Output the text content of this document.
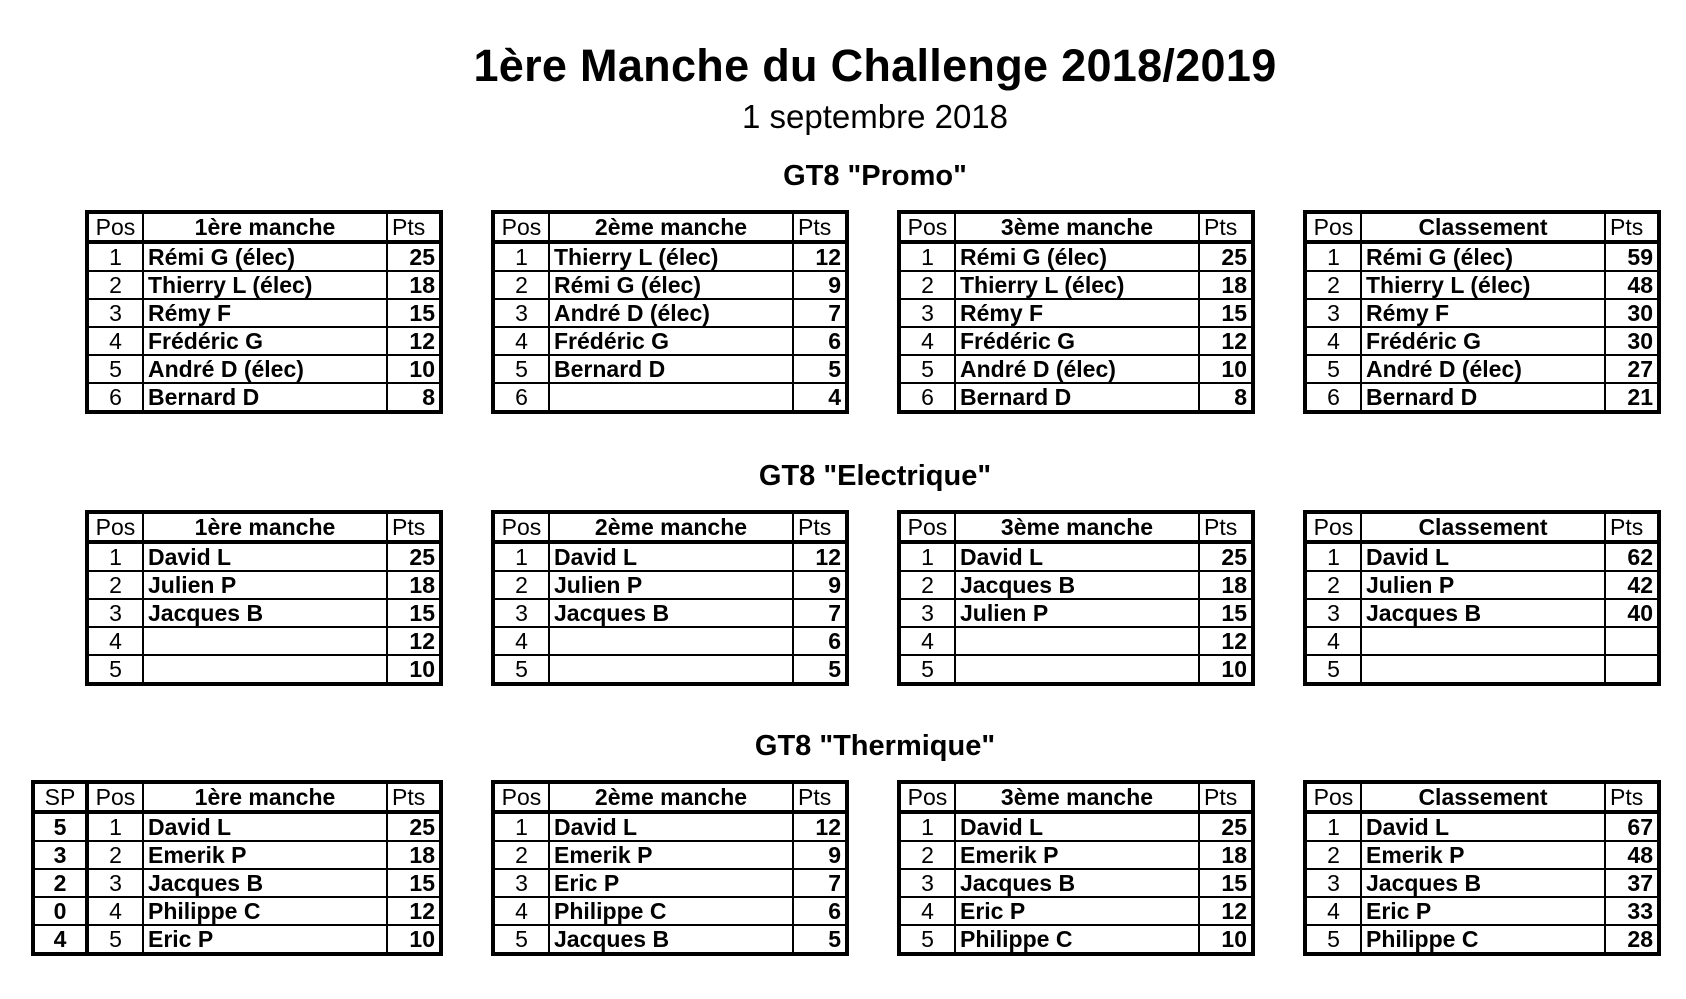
1ère Manche du Challenge 2018/2019
1 septembre 2018
GT8 "Promo"
Pos	1ère manche	Pts
1	Rémi G (élec)	25
2	Thierry L (élec)	18
3	Rémy F	15
4	Frédéric G	12
5	André D (élec)	10
6	Bernard D	8
Pos	2ème manche	Pts
1	Thierry L (élec)	12
2	Rémi G (élec)	9
3	André D (élec)	7
4	Frédéric G	6
5	Bernard D	5
6		4
Pos	3ème manche	Pts
1	Rémi G (élec)	25
2	Thierry L (élec)	18
3	Rémy F	15
4	Frédéric G	12
5	André D (élec)	10
6	Bernard D	8
Pos	Classement	Pts
1	Rémi G (élec)	59
2	Thierry L (élec)	48
3	Rémy F	30
4	Frédéric G	30
5	André D (élec)	27
6	Bernard D	21
GT8 "Electrique"
Pos	1ère manche	Pts
1	David L	25
2	Julien P	18
3	Jacques B	15
4		12
5		10
Pos	2ème manche	Pts
1	David L	12
2	Julien P	9
3	Jacques B	7
4		6
5		5
Pos	3ème manche	Pts
1	David L	25
2	Jacques B	18
3	Julien P	15
4		12
5		10
Pos	Classement	Pts
1	David L	62
2	Julien P	42
3	Jacques B	40
4		
5		
GT8 "Thermique"
SP	Pos	1ère manche	Pts
5	1	David L	25
3	2	Emerik P	18
2	3	Jacques B	15
0	4	Philippe C	12
4	5	Eric P	10
Pos	2ème manche	Pts
1	David L	12
2	Emerik P	9
3	Eric P	7
4	Philippe C	6
5	Jacques B	5
Pos	3ème manche	Pts
1	David L	25
2	Emerik P	18
3	Jacques B	15
4	Eric P	12
5	Philippe C	10
Pos	Classement	Pts
1	David L	67
2	Emerik P	48
3	Jacques B	37
4	Eric P	33
5	Philippe C	28
